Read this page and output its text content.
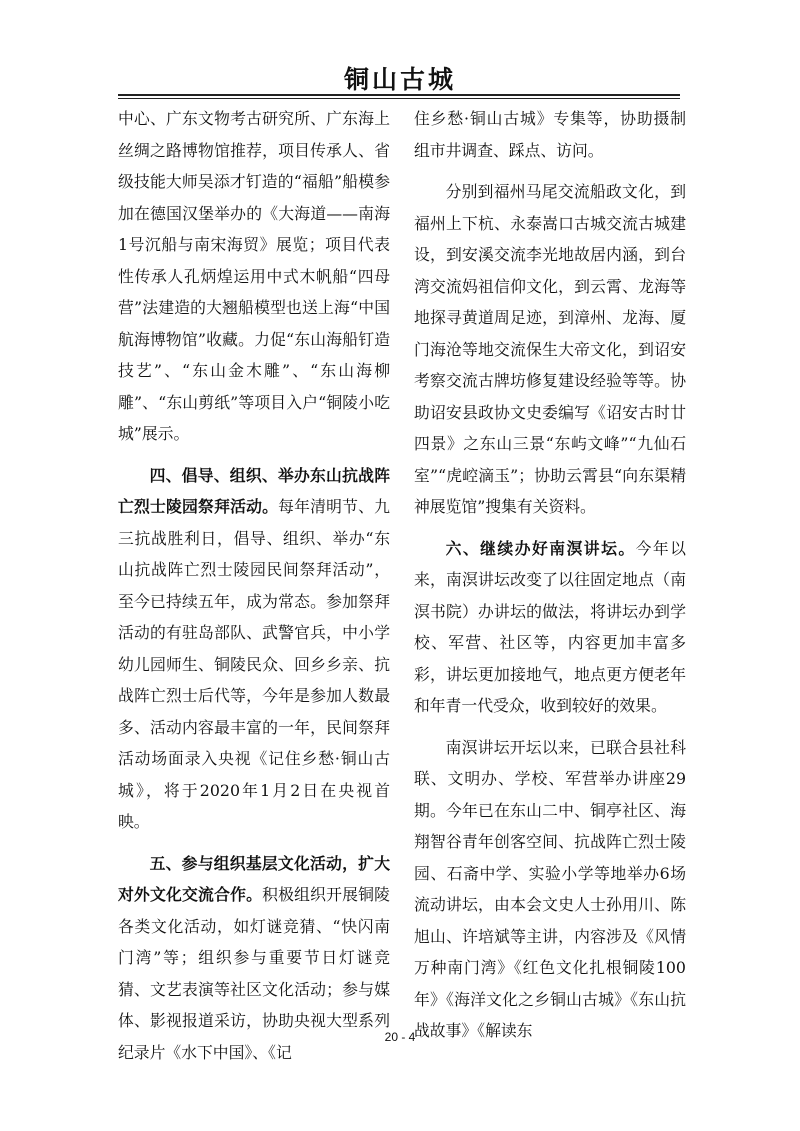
铜山古城

中心、广东文物考古研究所、广东海上丝绸之路博物馆推荐，项目传承人、省级技能大师吴添才钉造的“福船”船模参加在德国汉堡举办的《大海道——南海1号沉船与南宋海贸》展览；项目代表性传承人孔炳煌运用中式木帆船“四母营”法建造的大翘船模型也送上海“中国航海博物馆”收藏。力促“东山海船钉造技艺”、“东山金木雕”、“东山海柳雕”、“东山剪纸”等项目入户“铜陵小吃城”展示。

四、倡导、组织、举办东山抗战阵亡烈士陵园祭拜活动。每年清明节、九三抗战胜利日，倡导、组织、举办“东山抗战阵亡烈士陵园民间祭拜活动”，至今已持续五年，成为常态。参加祭拜活动的有驻岛部队、武警官兵，中小学幼儿园师生、铜陵民众、回乡乡亲、抗战阵亡烈士后代等，今年是参加人数最多、活动内容最丰富的一年，民间祭拜活动场面录入央视《记住乡愁·铜山古城》，将于2020年1月2日在央视首映。

五、参与组织基层文化活动，扩大对外文化交流合作。积极组织开展铜陵各类文化活动，如灯谜竞猜、“快闪南门湾”等；组织参与重要节日灯谜竞猜、文艺表演等社区文化活动；参与媒体、影视报道采访，协助央视大型系列纪录片《水下中国》、《记

住乡愁·铜山古城》专集等，协助摄制组市井调查、踩点、访问。

分别到福州马尾交流船政文化，到福州上下杭、永泰嵩口古城交流古城建设，到安溪交流李光地故居内涵，到台湾交流妈祖信仰文化，到云霄、龙海等地探寻黄道周足迹，到漳州、龙海、厦门海沧等地交流保生大帝文化，到诏安考察交流古牌坊修复建设经验等等。协助诏安县政协文史委编写《诏安古时廿四景》之东山三景“东屿文峰”“九仙石室”“虎崆滴玉”；协助云霄县“向东渠精神展览馆”搜集有关资料。

六、继续办好南溟讲坛。今年以来，南溟讲坛改变了以往固定地点（南溟书院）办讲坛的做法，将讲坛办到学校、军营、社区等，内容更加丰富多彩，讲坛更加接地气，地点更方便老年和年青一代受众，收到较好的效果。

南溟讲坛开坛以来，已联合县社科联、文明办、学校、军营举办讲座29期。今年已在东山二中、铜亭社区、海翔智谷青年创客空间、抗战阵亡烈士陵园、石斋中学、实验小学等地举办6场流动讲坛，由本会文史人士孙用川、陈旭山、许培斌等主讲，内容涉及《风情万种南门湾》《红色文化扎根铜陵100年》《海洋文化之乡铜山古城》《东山抗战故事》《解读东

20 - 4
